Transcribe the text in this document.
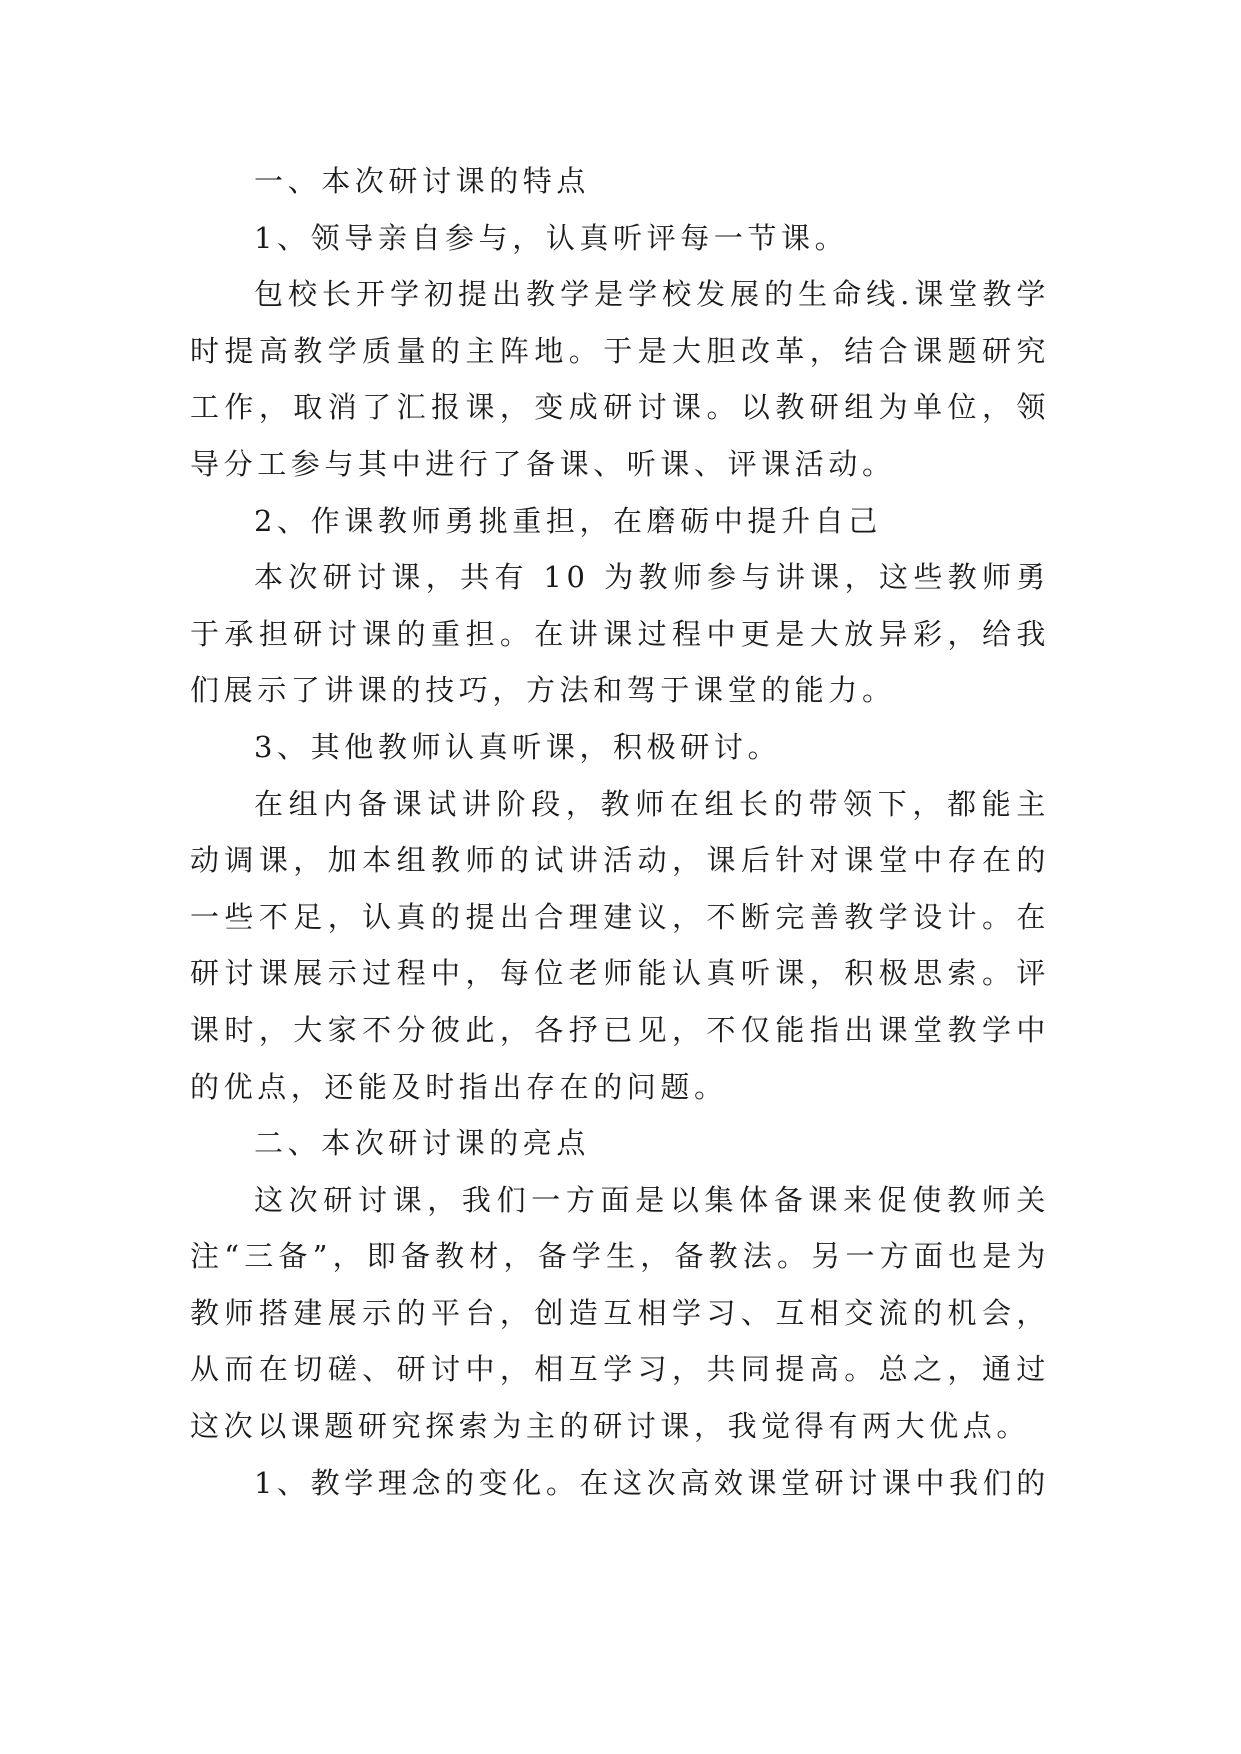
一、本次研讨课的特点

1、领导亲自参与，认真听评每一节课。

包校长开学初提出教学是学校发展的生命线.课堂教学时提高教学质量的主阵地。于是大胆改革，结合课题研究工作，取消了汇报课，变成研讨课。以教研组为单位，领导分工参与其中进行了备课、听课、评课活动。

2、作课教师勇挑重担，在磨砺中提升自己

本次研讨课，共有 10 为教师参与讲课，这些教师勇于承担研讨课的重担。在讲课过程中更是大放异彩，给我们展示了讲课的技巧，方法和驾于课堂的能力。

3、其他教师认真听课，积极研讨。

在组内备课试讲阶段，教师在组长的带领下，都能主动调课，加本组教师的试讲活动，课后针对课堂中存在的一些不足，认真的提出合理建议，不断完善教学设计。在研讨课展示过程中，每位老师能认真听课，积极思索。评课时，大家不分彼此，各抒已见，不仅能指出课堂教学中的优点，还能及时指出存在的问题。

二、本次研讨课的亮点

这次研讨课，我们一方面是以集体备课来促使教师关注“三备”，即备教材，备学生，备教法。另一方面也是为教师搭建展示的平台，创造互相学习、互相交流的机会，从而在切磋、研讨中，相互学习，共同提高。总之，通过这次以课题研究探索为主的研讨课，我觉得有两大优点。

1、教学理念的变化。在这次高效课堂研讨课中我们的
